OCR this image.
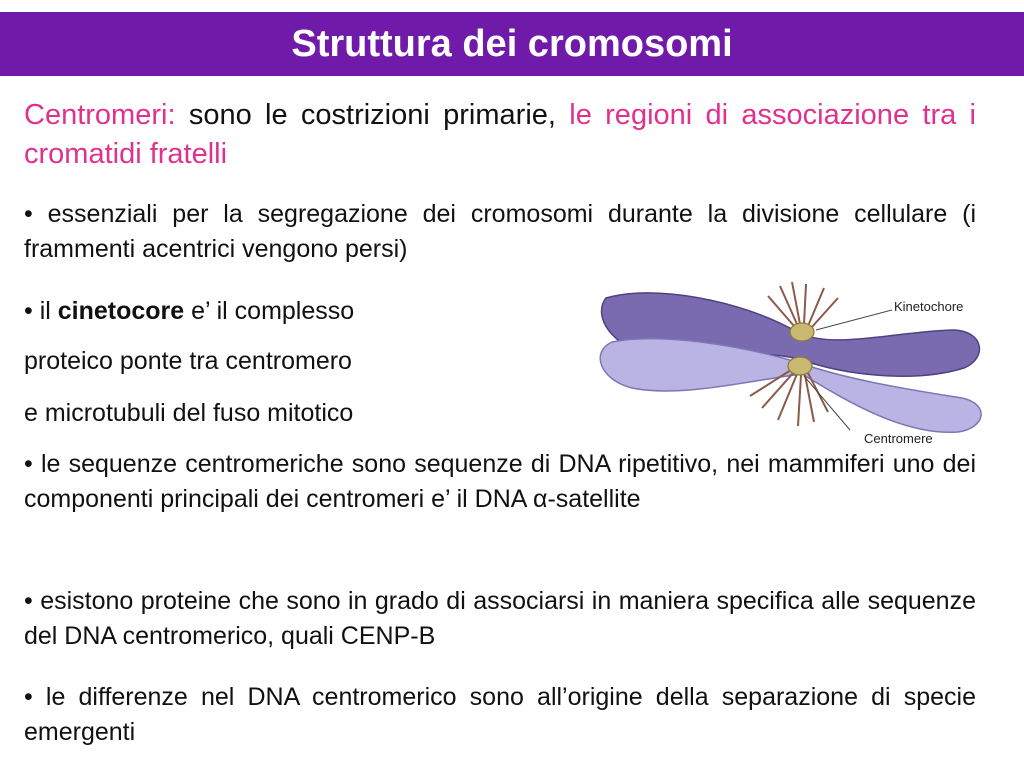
Struttura dei cromosomi
Centromeri: sono le costrizioni primarie, le regioni di associazione tra i cromatidi fratelli
• essenziali per la segregazione dei cromosomi durante la divisione cellulare (i frammenti acentrici vengono persi)
• il cinetocore e’ il complesso
proteico ponte tra centromero
e microtubuli del fuso mitotico
• le sequenze centromeriche sono sequenze di DNA ripetitivo, nei mammiferi uno dei componenti principali dei centromeri e’ il DNA α-satellite
• esistono proteine che sono in grado di associarsi in maniera specifica alle sequenze del DNA centromerico, quali CENP-B
• le differenze nel DNA centromerico sono all’origine della separazione di specie emergenti
Kinetochore
Centromere
